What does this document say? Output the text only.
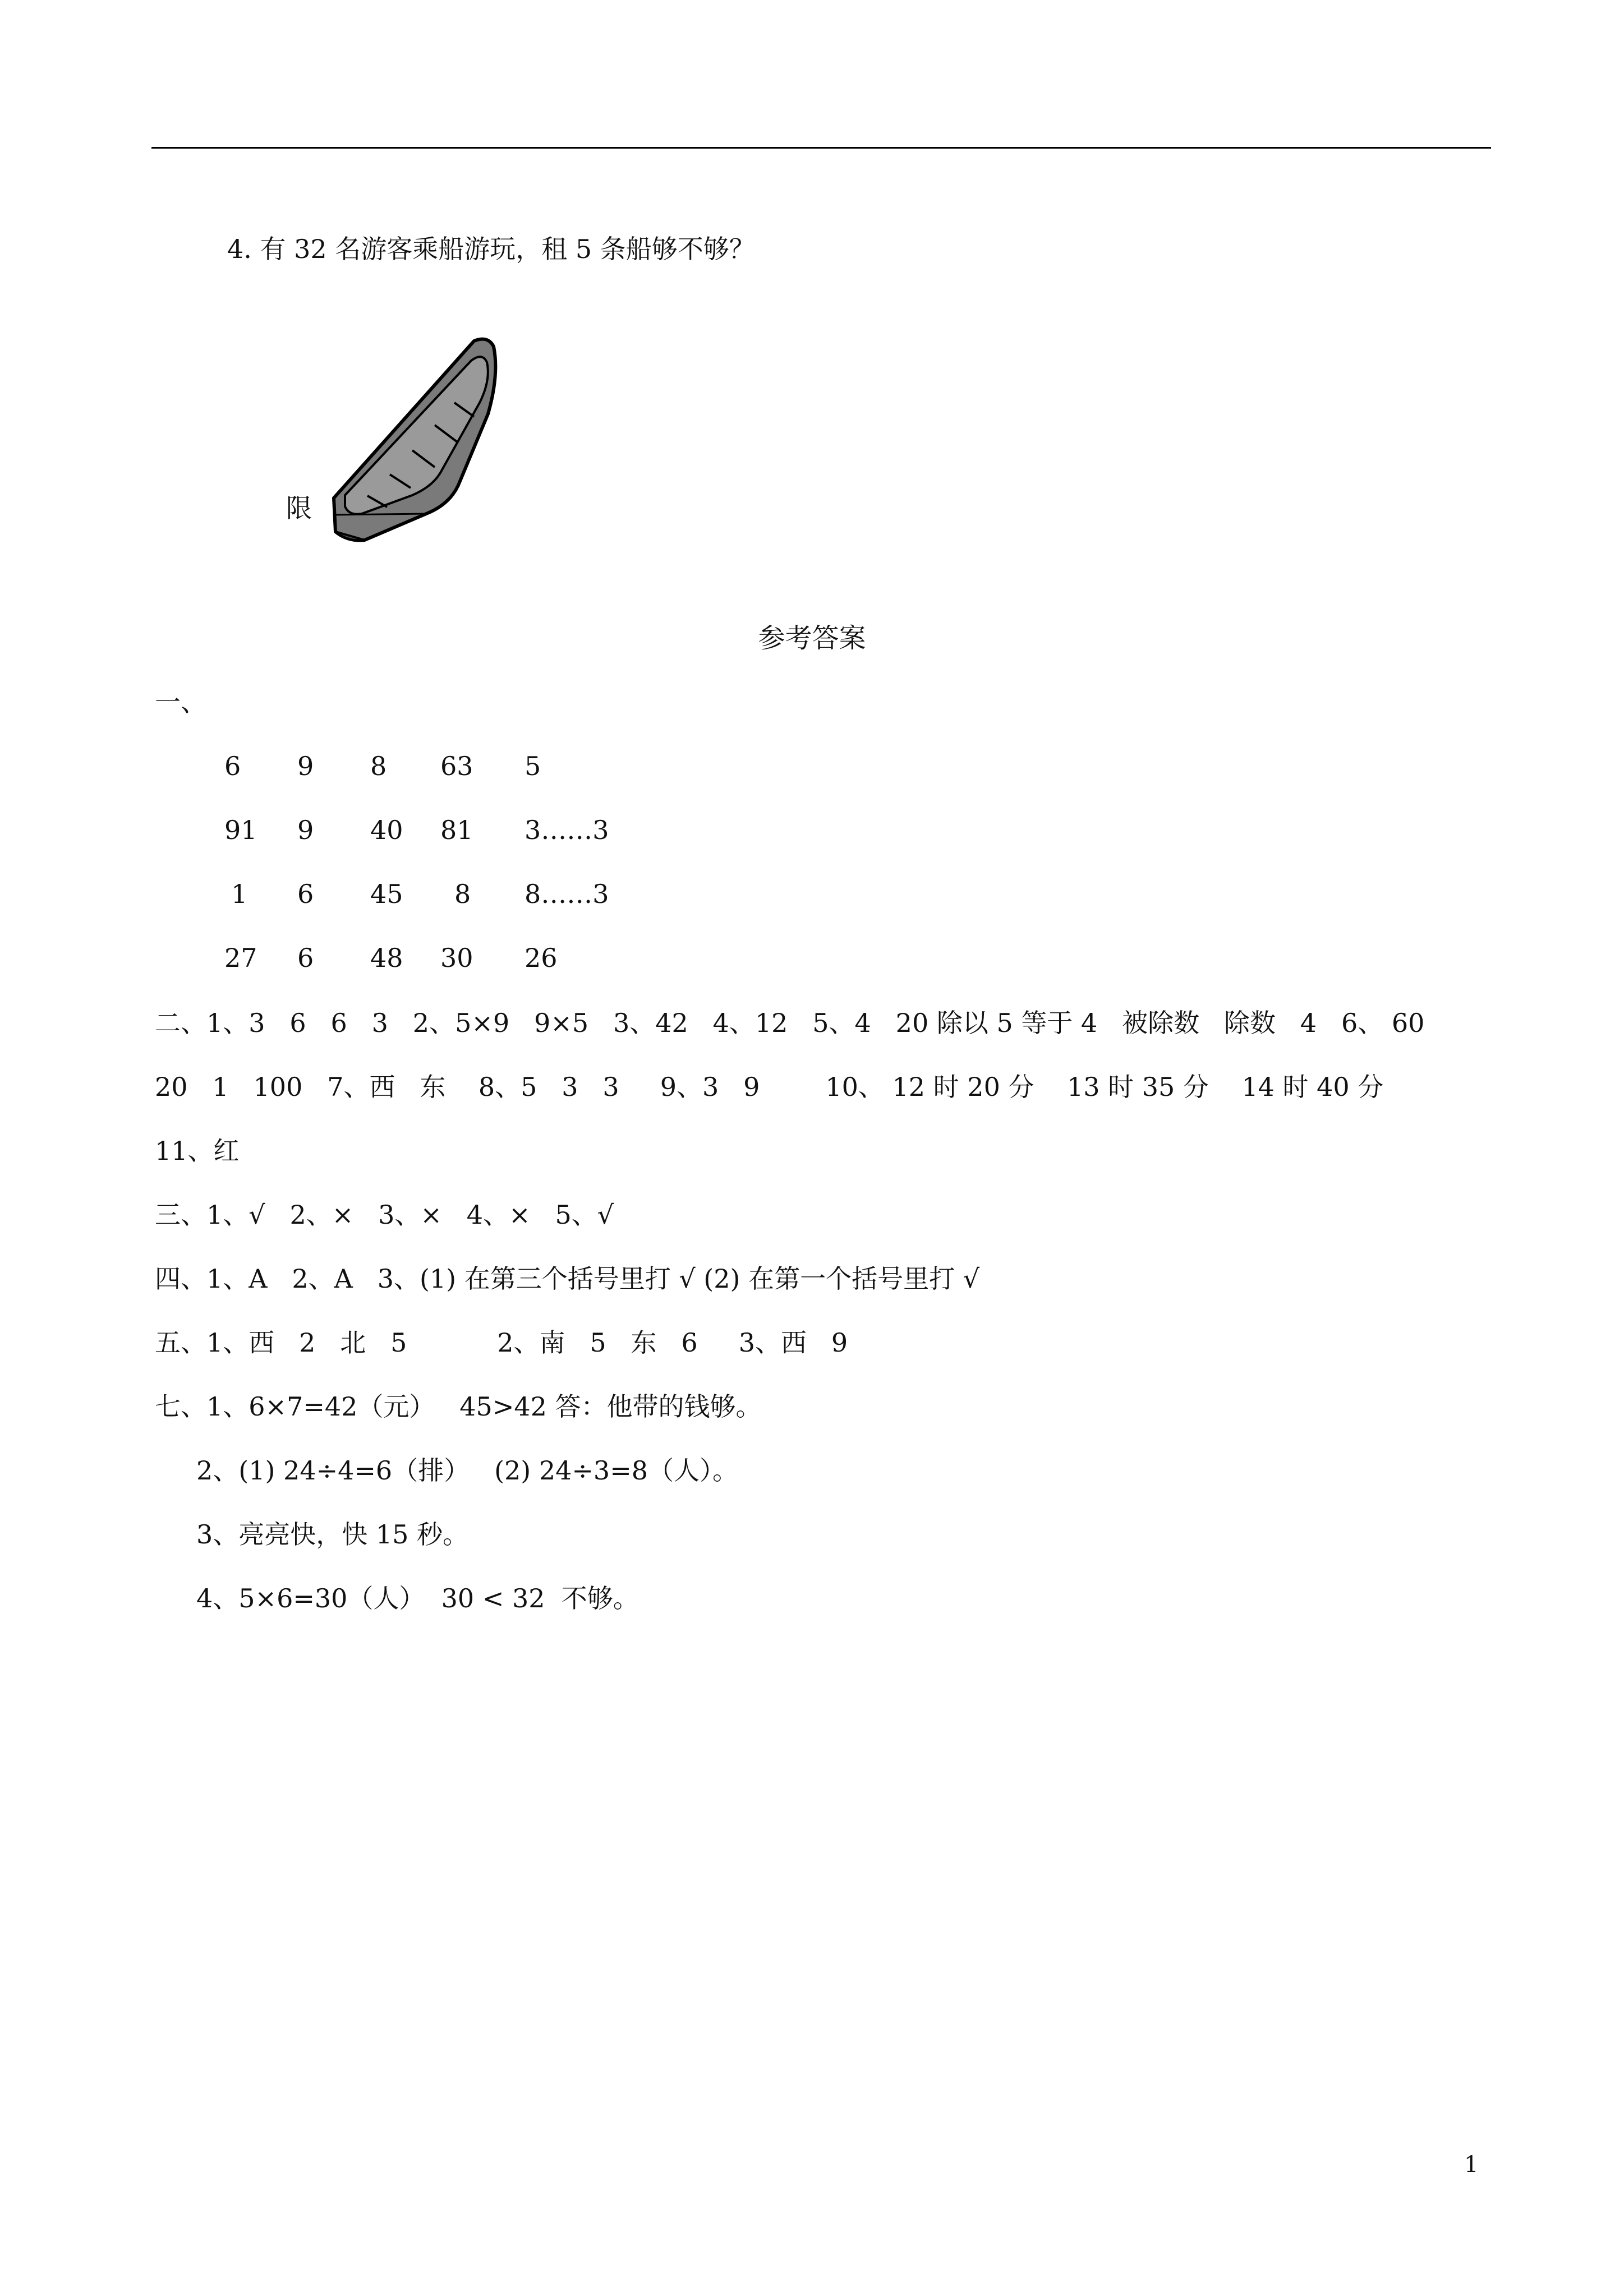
4. 有 32 名游客乘船游玩，租 5 条船够不够？
限
参考答案
一、
6 9 8 63 5
91 9 40 81 3……3
1 6 45 8 8……3
27 6 48 30 26
二、1、3   6   6   3   2、5×9   9×5   3、42   4、12   5、4   20 除以 5 等于 4   被除数   除数   4   6、 60
20   1   100   7、西   东    8、5   3   3     9、3   9        10、 12 时 20 分    13 时 35 分    14 时 40 分
11、红
三、1、√   2、×   3、×   4、×   5、√
四、1、A   2、A   3、(1) 在第三个括号里打 √ (2) 在第一个括号里打 √
五、1、西   2   北   5           2、南   5   东   6     3、西   9
七、1、6×7=42（元）   45>42 答：他带的钱够。
2、(1) 24÷4=6（排）   (2) 24÷3=8（人）。
3、亮亮快，快 15 秒。
4、5×6=30（人）  30 < 32  不够。
1
